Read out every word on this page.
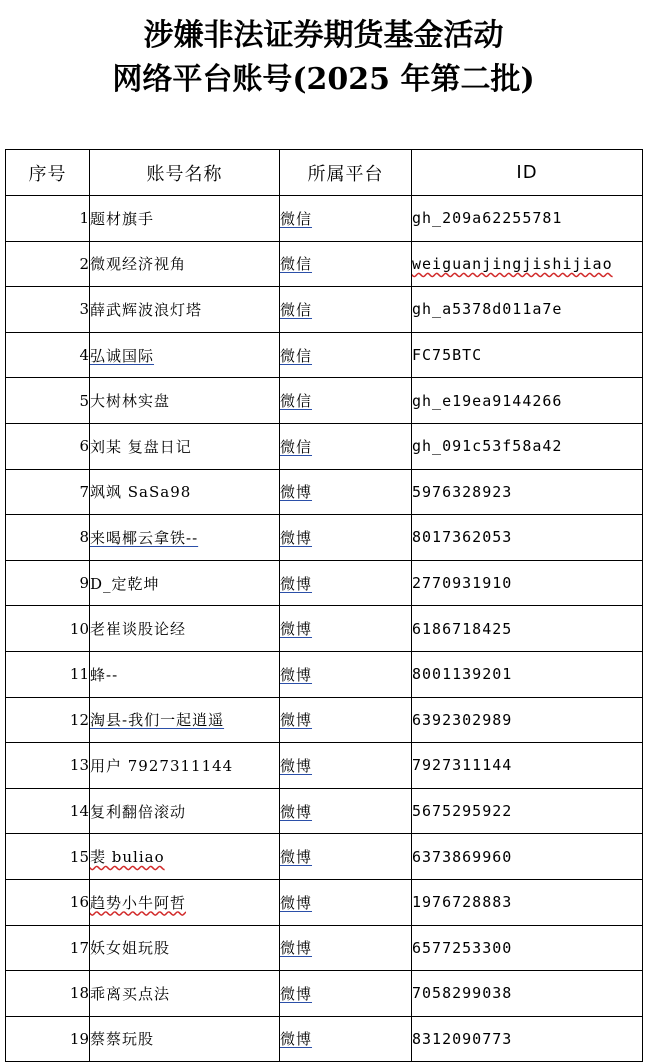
涉嫌非法证券期货基金活动
网络平台账号(2025 年第二批)
序号	账号名称	所属平台	ID
1	题材旗手	微信	gh_209a62255781
2	微观经济视角	微信	weiguanjingjishijiao
3	薛武辉波浪灯塔	微信	gh_a5378d011a7e
4	弘诚国际	微信	FC75BTC
5	大树林实盘	微信	gh_e19ea9144266
6	刘某 复盘日记	微信	gh_091c53f58a42
7	飒飒 SaSa98	微博	5976328923
8	来喝椰云拿铁--	微博	8017362053
9	D_定乾坤	微博	2770931910
10	老崔谈股论经	微博	6186718425
11	蜂--	微博	8001139201
12	淘县-我们一起逍遥	微博	6392302989
13	用户 7927311144	微博	7927311144
14	复利翻倍滚动	微博	5675295922
15	裴 buliao	微博	6373869960
16	趋势小牛阿哲	微博	1976728883
17	妖女姐玩股	微博	6577253300
18	乖离买点法	微博	7058299038
19	蔡蔡玩股	微博	8312090773
